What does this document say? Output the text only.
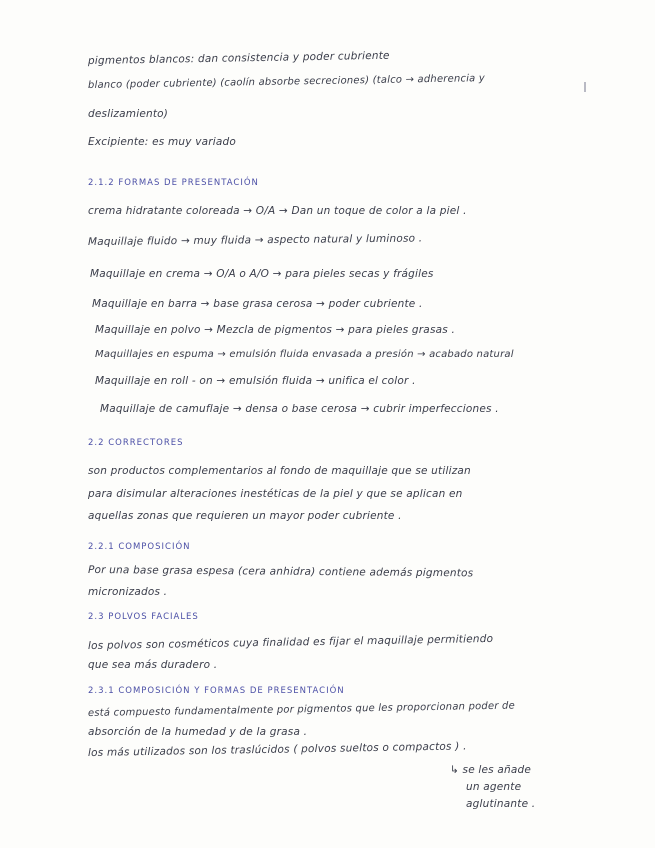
pigmentos blancos: dan consistencia y poder cubriente
blanco (poder cubriente) (caolín absorbe secreciones) (talco → adherencia y
deslizamiento)
Excipiente: es muy variado
2.1.2 FORMAS DE PRESENTACIÓN
crema hidratante coloreada → O/A → Dan un toque de color a la piel .
Maquillaje fluido → muy fluida → aspecto natural y luminoso .
Maquillaje en crema → O/A o A/O → para pieles secas y frágiles
Maquillaje en barra → base grasa cerosa → poder cubriente .
Maquillaje en polvo → Mezcla de pigmentos → para pieles grasas .
Maquillajes en espuma → emulsión fluida envasada a presión → acabado natural
Maquillaje en roll - on → emulsión fluida → unifica el color .
Maquillaje de camuflaje → densa o base cerosa → cubrir imperfecciones .
2.2 CORRECTORES
son productos complementarios al fondo de maquillaje que se utilizan
para disimular alteraciones inestéticas de la piel y que se aplican en
aquellas zonas que requieren un mayor poder cubriente .
2.2.1 COMPOSICIÓN
Por una base grasa espesa (cera anhidra) contiene además pigmentos
micronizados .
2.3 POLVOS FACIALES
los polvos son cosméticos cuya finalidad es fijar el maquillaje permitiendo
que sea más duradero .
2.3.1 COMPOSICIÓN Y FORMAS DE PRESENTACIÓN
está compuesto fundamentalmente por pigmentos que les proporcionan poder de
absorción de la humedad y de la grasa .
los más utilizados son los traslúcidos ( polvos sueltos o compactos ) .
↳ se les añade
un agente
aglutinante .
